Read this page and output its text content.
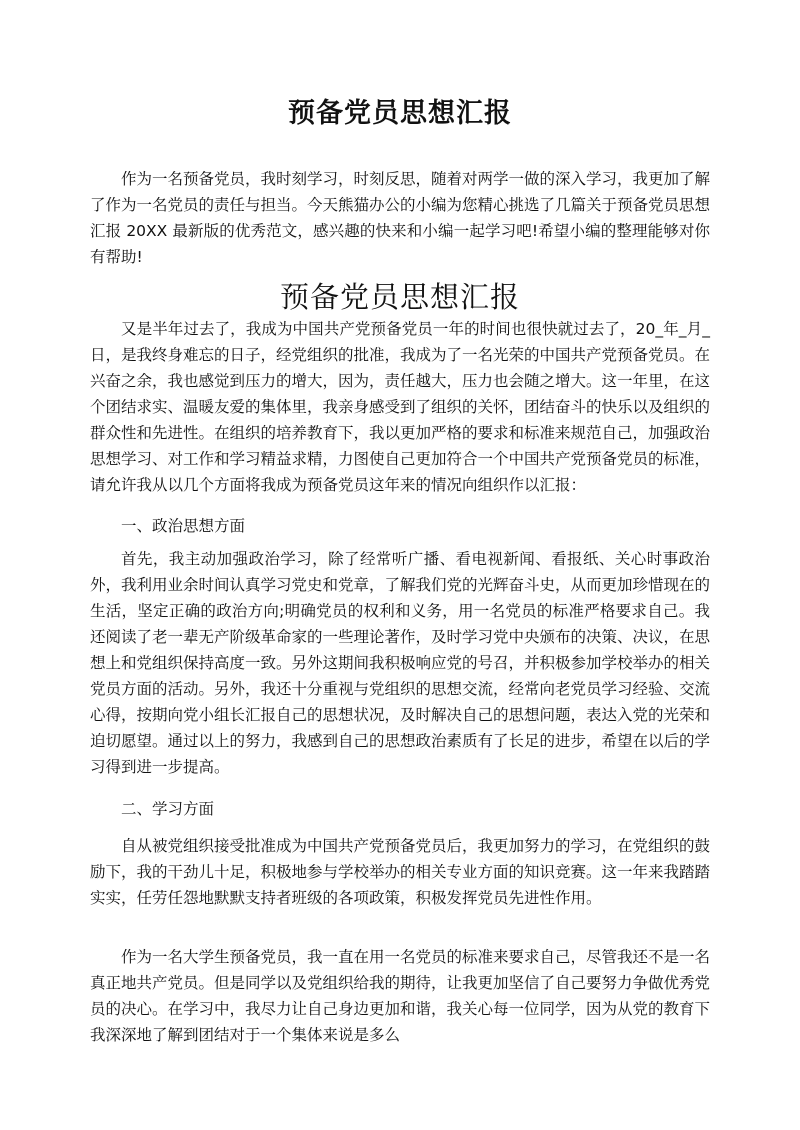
预备党员思想汇报

作为一名预备党员，我时刻学习，时刻反思，随着对两学一做的深入学习，我更加了解了作为一名党员的责任与担当。今天熊猫办公的小编为您精心挑选了几篇关于预备党员思想汇报 20XX 最新版的优秀范文，感兴趣的快来和小编一起学习吧!希望小编的整理能够对你有帮助!

预备党员思想汇报

又是半年过去了，我成为中国共产党预备党员一年的时间也很快就过去了，20_年_月_日，是我终身难忘的日子，经党组织的批准，我成为了一名光荣的中国共产党预备党员。在兴奋之余，我也感觉到压力的增大，因为，责任越大，压力也会随之增大。这一年里，在这个团结求实、温暖友爱的集体里，我亲身感受到了组织的关怀，团结奋斗的快乐以及组织的群众性和先进性。在组织的培养教育下，我以更加严格的要求和标准来规范自己，加强政治思想学习、对工作和学习精益求精，力图使自己更加符合一个中国共产党预备党员的标准，请允许我从以几个方面将我成为预备党员这年来的情况向组织作以汇报：

一、政治思想方面

首先，我主动加强政治学习，除了经常听广播、看电视新闻、看报纸、关心时事政治外，我利用业余时间认真学习党史和党章，了解我们党的光辉奋斗史，从而更加珍惜现在的生活，坚定正确的政治方向;明确党员的权利和义务，用一名党员的标准严格要求自己。我还阅读了老一辈无产阶级革命家的一些理论著作，及时学习党中央颁布的决策、决议，在思想上和党组织保持高度一致。另外这期间我积极响应党的号召，并积极参加学校举办的相关党员方面的活动。另外，我还十分重视与党组织的思想交流，经常向老党员学习经验、交流心得，按期向党小组长汇报自己的思想状况，及时解决自己的思想问题，表达入党的光荣和迫切愿望。通过以上的努力，我感到自己的思想政治素质有了长足的进步，希望在以后的学习得到进一步提高。

二、学习方面

自从被党组织接受批准成为中国共产党预备党员后，我更加努力的学习，在党组织的鼓励下，我的干劲儿十足，积极地参与学校举办的相关专业方面的知识竞赛。这一年来我踏踏实实，任劳任怨地默默支持者班级的各项政策，积极发挥党员先进性作用。

作为一名大学生预备党员，我一直在用一名党员的标准来要求自己，尽管我还不是一名真正地共产党员。但是同学以及党组织给我的期待，让我更加坚信了自己要努力争做优秀党员的决心。在学习中，我尽力让自己身边更加和谐，我关心每一位同学，因为从党的教育下我深深地了解到团结对于一个集体来说是多么
